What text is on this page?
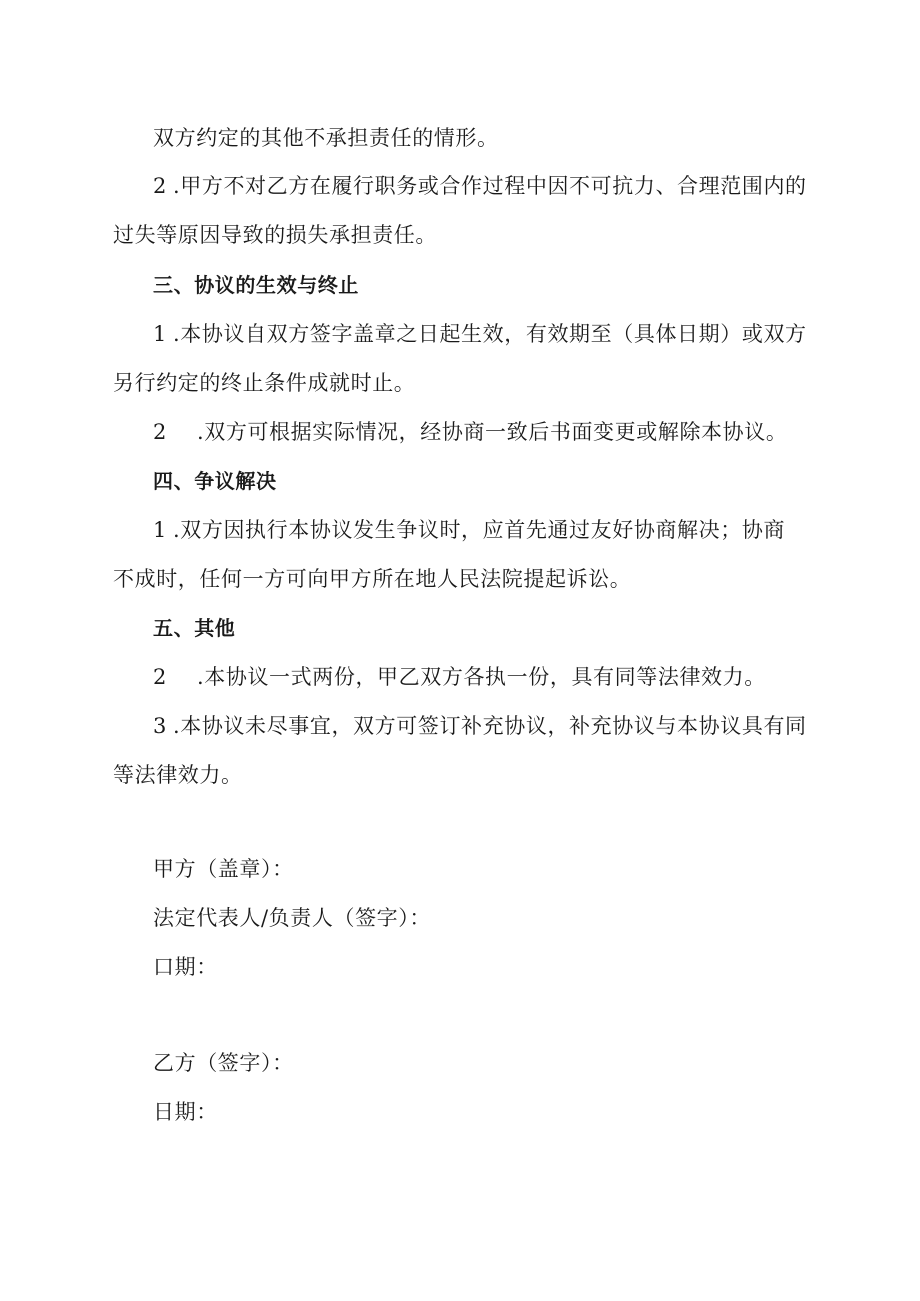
双方约定的其他不承担责任的情形。
2 .甲方不对乙方在履行职务或合作过程中因不可抗力、合理范围内的
过失等原因导致的损失承担责任。
三、协议的生效与终止
1 .本协议自双方签字盖章之日起生效，有效期至（具体日期）或双方
另行约定的终止条件成就时止。
2 .双方可根据实际情况，经协商一致后书面变更或解除本协议。
四、争议解决
1 .双方因执行本协议发生争议时，应首先通过友好协商解决；协商
不成时，任何一方可向甲方所在地人民法院提起诉讼。
五、其他
2 .本协议一式两份，甲乙双方各执一份，具有同等法律效力。
3 .本协议未尽事宜，双方可签订补充协议，补充协议与本协议具有同
等法律效力。
甲方（盖章）：
法定代表人/负责人（签字）：
口期：
乙方（签字）：
日期：
